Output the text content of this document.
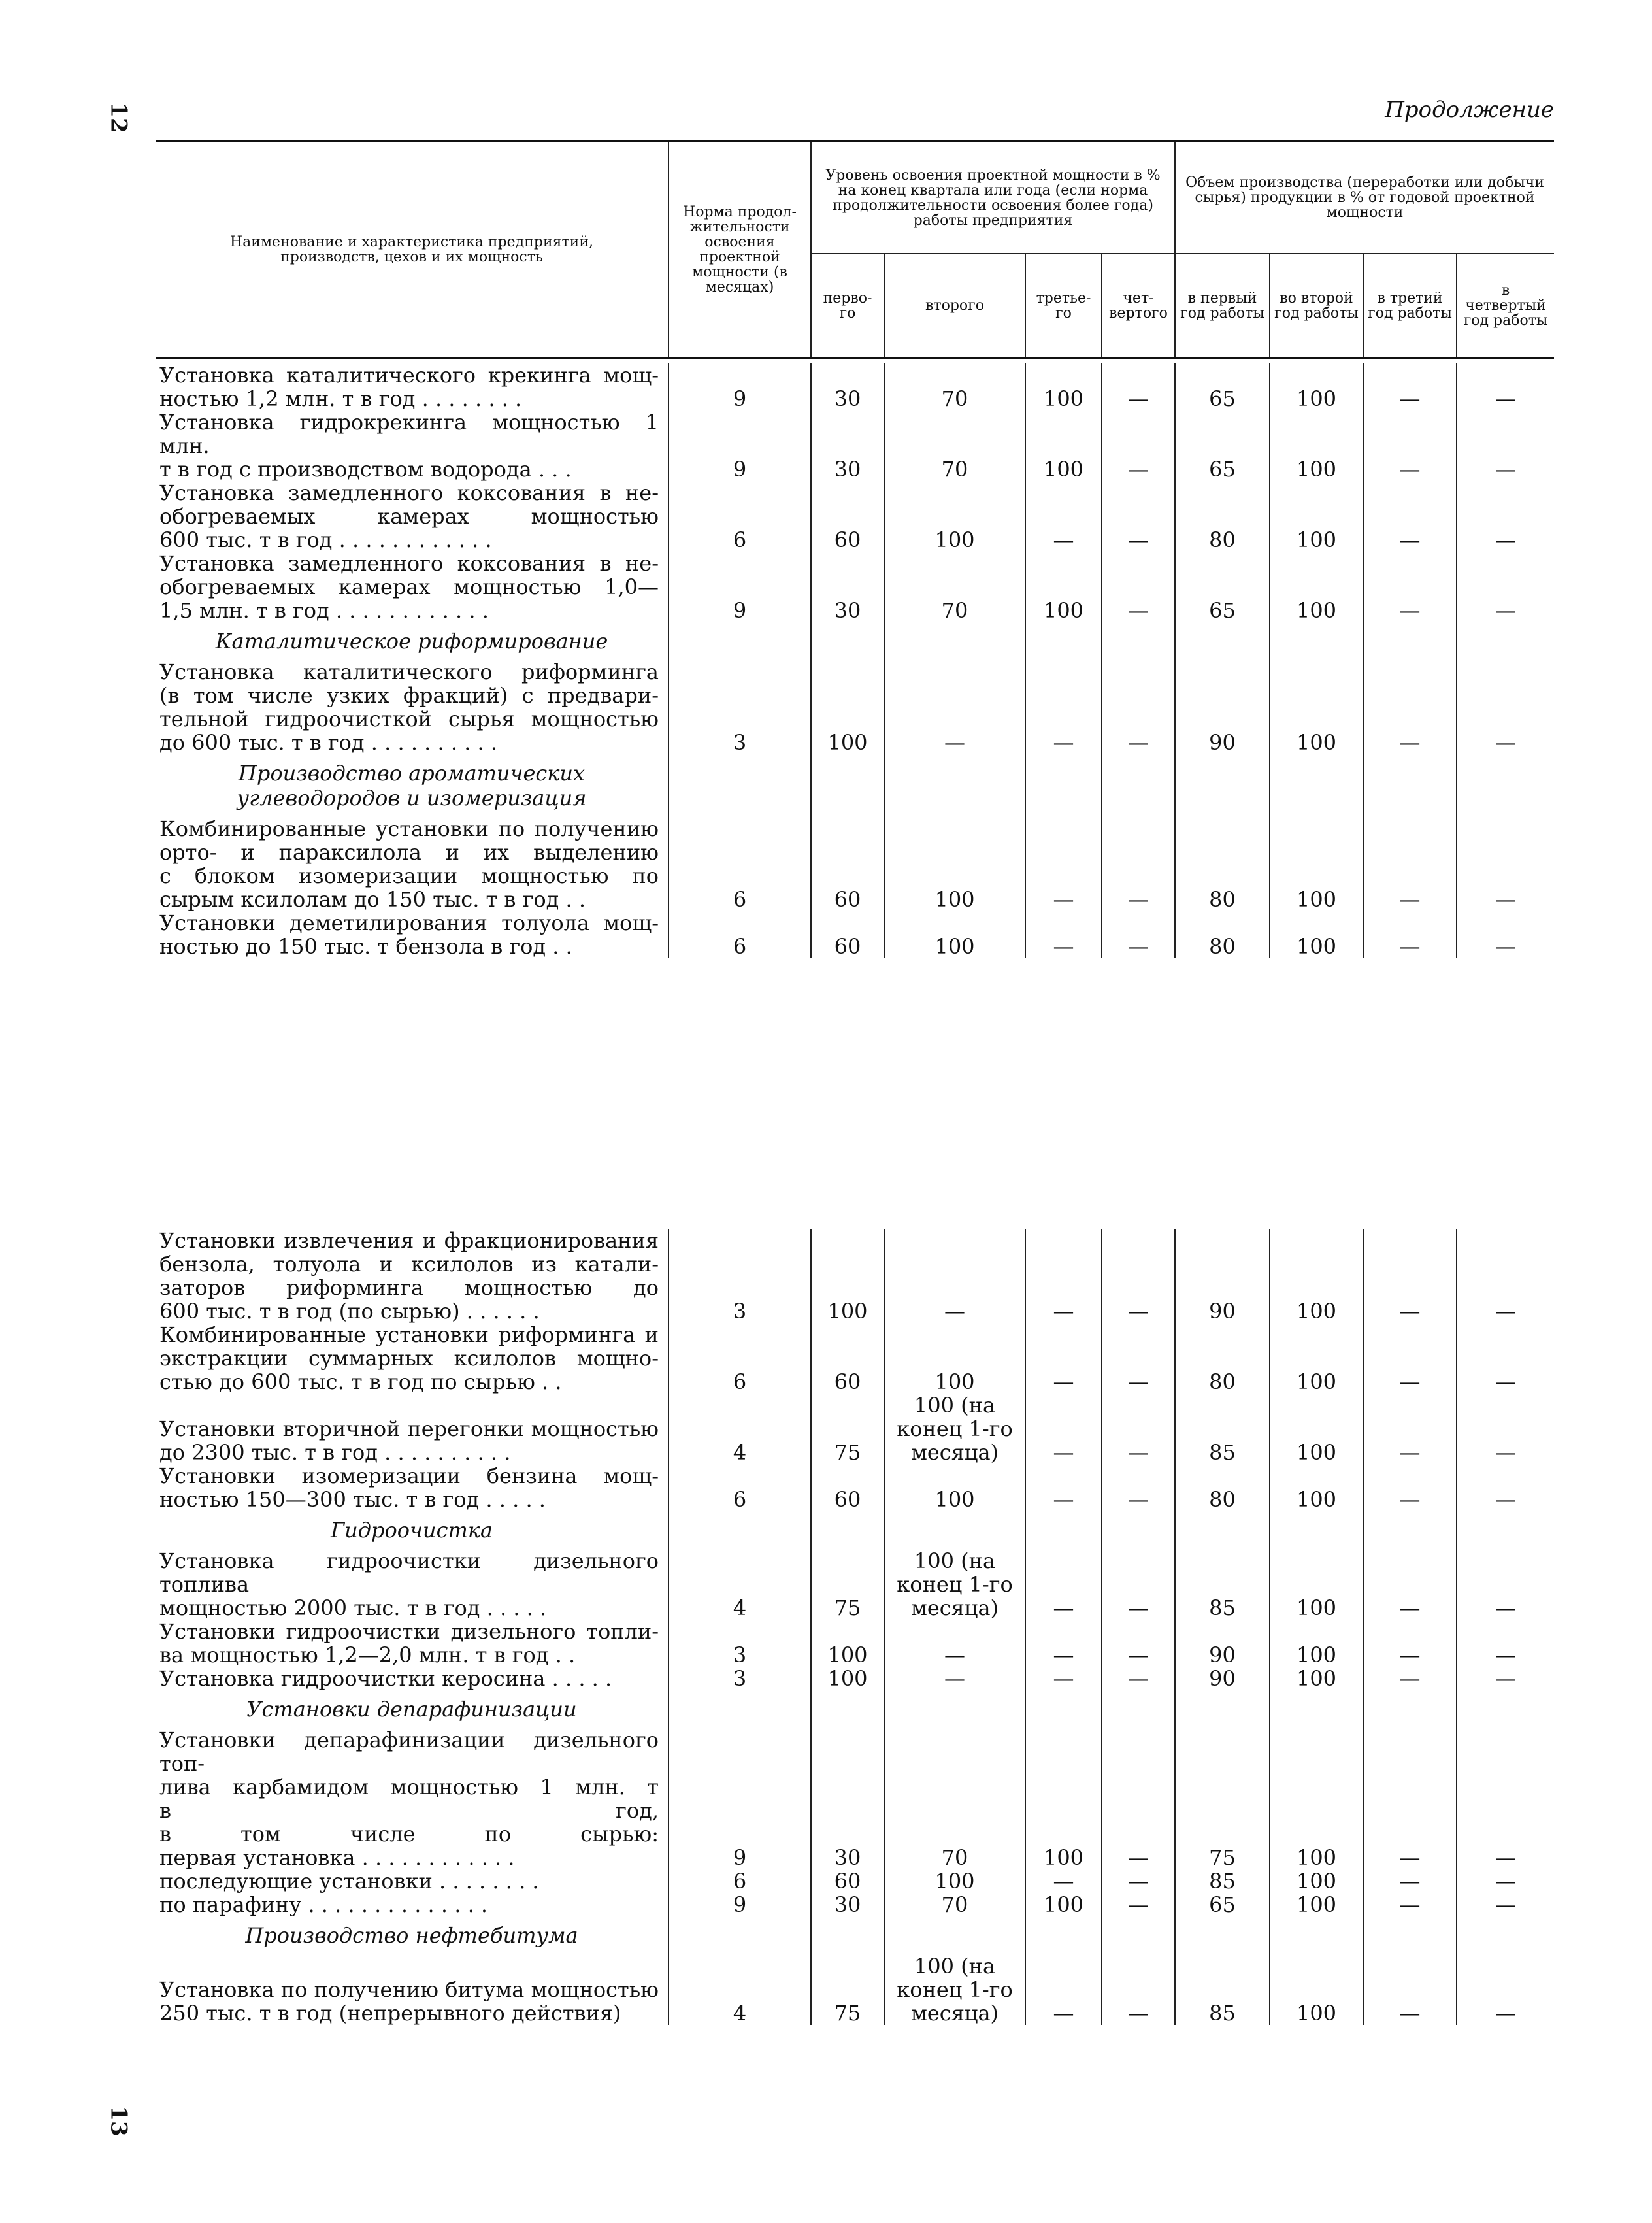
12
13
Продолжение
Наименование и характеристика предприятий, производств, цехов и их мощность	Норма продол-жительности освоения проектной мощности (в месяцах)	Уровень освоения проектной мощности в % на конец квартала или года (если норма продолжительности освоения более года) работы предприятия				Объем производства (переработки или добычи сырья) продукции в % от годовой проектной мощности			
		перво-го	второго	третье-го	чет-вертого	в первый год работы	во второй год работы	в третий год работы	в четвертый год работы
Установка каталитического крекинга мощ-
ностью 1,2 млн. т в год . . . . . . . .	9	30	70	100	—	65	100	—	—

Установка гидрокрекинга мощностью 1 млн.
т в год с производством водорода . . .	9	30	70	100	—	65	100	—	—

Установка замедленного коксования в не-
обогреваемых камерах мощностью
600 тыс. т в год . . . . . . . . . . . .	6	60	100	—	—	80	100	—	—

Установка замедленного коксования в не-
обогреваемых камерах мощностью 1,0—
1,5 млн. т в год . . . . . . . . . . . .	9	30	70	100	—	65	100	—	—
Каталитическое риформирование									

Установка каталитического риформинга
(в том числе узких фракций) с предвари-
тельной гидроочисткой сырья мощностью
до 600 тыс. т в год . . . . . . . . . .	3	100	—	—	—	90	100	—	—
Производство ароматических углеводородов и изомеризация									

Комбинированные установки по получению
орто- и параксилола и их выделению
с блоком изомеризации мощностью по
сырым ксилолам до 150 тыс. т в год . .	6	60	100	—	—	80	100	—	—

Установки деметилирования толуола мощ-
ностью до 150 тыс. т бензола в год . .	6	60	100	—	—	80	100	—	—
Установки извлечения и фракционирования
бензола, толуола и ксилолов из катали-
заторов риформинга мощностью до
600 тыс. т в год (по сырью) . . . . . .	3	100	—	—	—	90	100	—	—

Комбинированные установки риформинга и
экстракции суммарных ксилолов мощно-
стью до 600 тыс. т в год по сырью . .	6	60	100	—	—	80	100	—	—

Установки вторичной перегонки мощностью
до 2300 тыс. т в год . . . . . . . . . .	4	75	100 (на конец 1-го месяца)	—	—	85	100	—	—

Установки изомеризации бензина мощ-
ностью 150—300 тыс. т в год . . . . .	6	60	100	—	—	80	100	—	—
Гидроочистка									

Установка гидроочистки дизельного топлива
мощностью 2000 тыс. т в год . . . . .	4	75	100 (на конец 1-го месяца)	—	—	85	100	—	—

Установки гидроочистки дизельного топли-
ва мощностью 1,2—2,0 млн. т в год . .	3	100	—	—	—	90	100	—	—

Установка гидроочистки керосина . . . . .	3	100	—	—	—	90	100	—	—
Установки депарафинизации									

Установки депарафинизации дизельного топ-
лива карбамидом мощностью 1 млн. т
в год,
в том числе по сырью:
первая установка . . . . . . . . . . . .	9	30	70	100	—	75	100	—	—

последующие установки . . . . . . . .	6	60	100	—	—	85	100	—	—

по парафину . . . . . . . . . . . . . .	9	30	70	100	—	65	100	—	—
Производство нефтебитума									

Установка по получению битума мощностью
250 тыс. т в год (непрерывного действия)	4	75	100 (на конец 1-го месяца)	—	—	85	100	—	—
